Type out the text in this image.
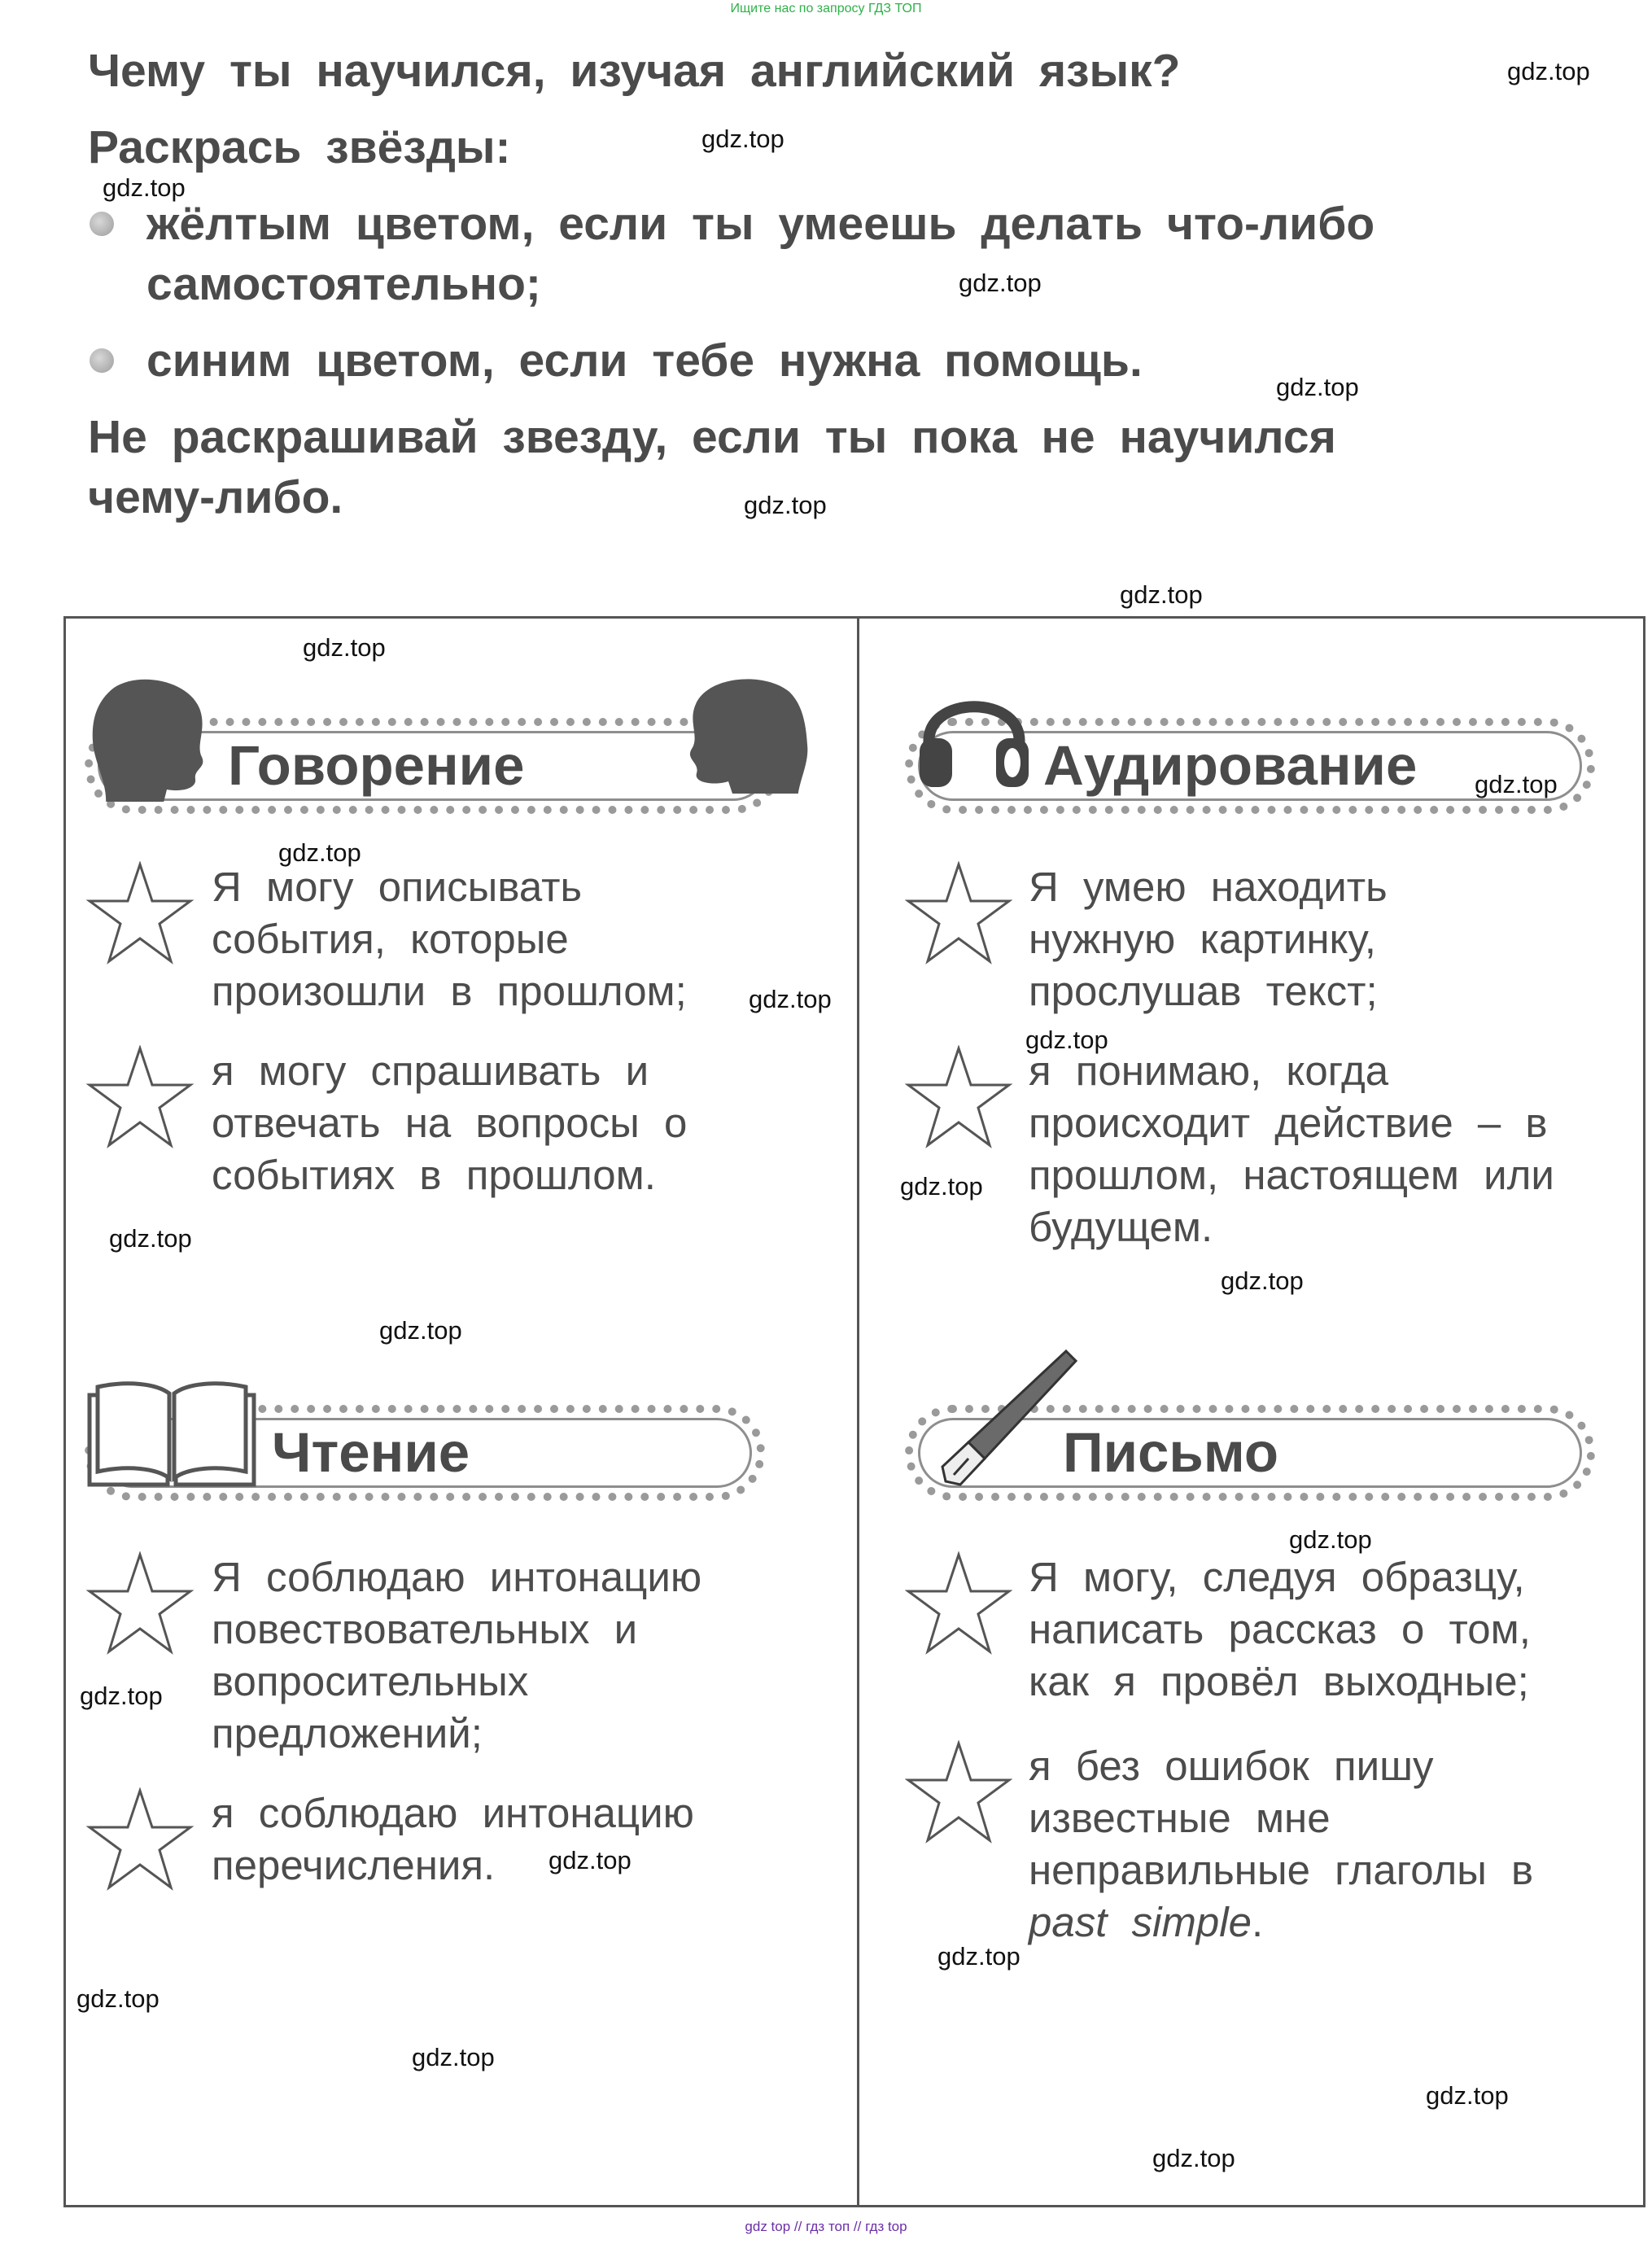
Ищите нас по запросу ГДЗ ТОП

Чему ты научился, изучая английский язык?

Раскрась звёзды:

жёлтым цветом, если ты умеешь делать что-либо самостоятельно;

синим цветом, если тебе нужна помощь.

Не раскрашивай звезду, если ты пока не научился чему-либо.

Говорение
Я могу описывать события, которые произошли в прошлом;
я могу спрашивать и отвечать на вопросы о событиях в прошлом.
Аудирование
Я умею находить нужную картинку, прослушав текст;
я понимаю, когда происходит действие – в прошлом, настоящем или будущем.
Чтение
Я соблюдаю интонацию повествовательных и вопросительных предложений;
я соблюдаю интонацию перечисления.
Письмо
Я могу, следуя образцу, написать рассказ о том, как я провёл выходные;
я без ошибок пишу известные мне неправильные глаголы в past simple.
gdz.top
gdz.top
gdz.top
gdz.top
gdz.top
gdz.top
gdz.top
gdz.top
gdz.top
gdz.top
gdz.top
gdz.top
gdz.top
gdz.top
gdz.top
gdz.top
gdz.top
gdz.top
gdz.top
gdz.top
gdz.top
gdz.top
gdz.top
gdz.top
gdz top // гдз топ // гдз top
